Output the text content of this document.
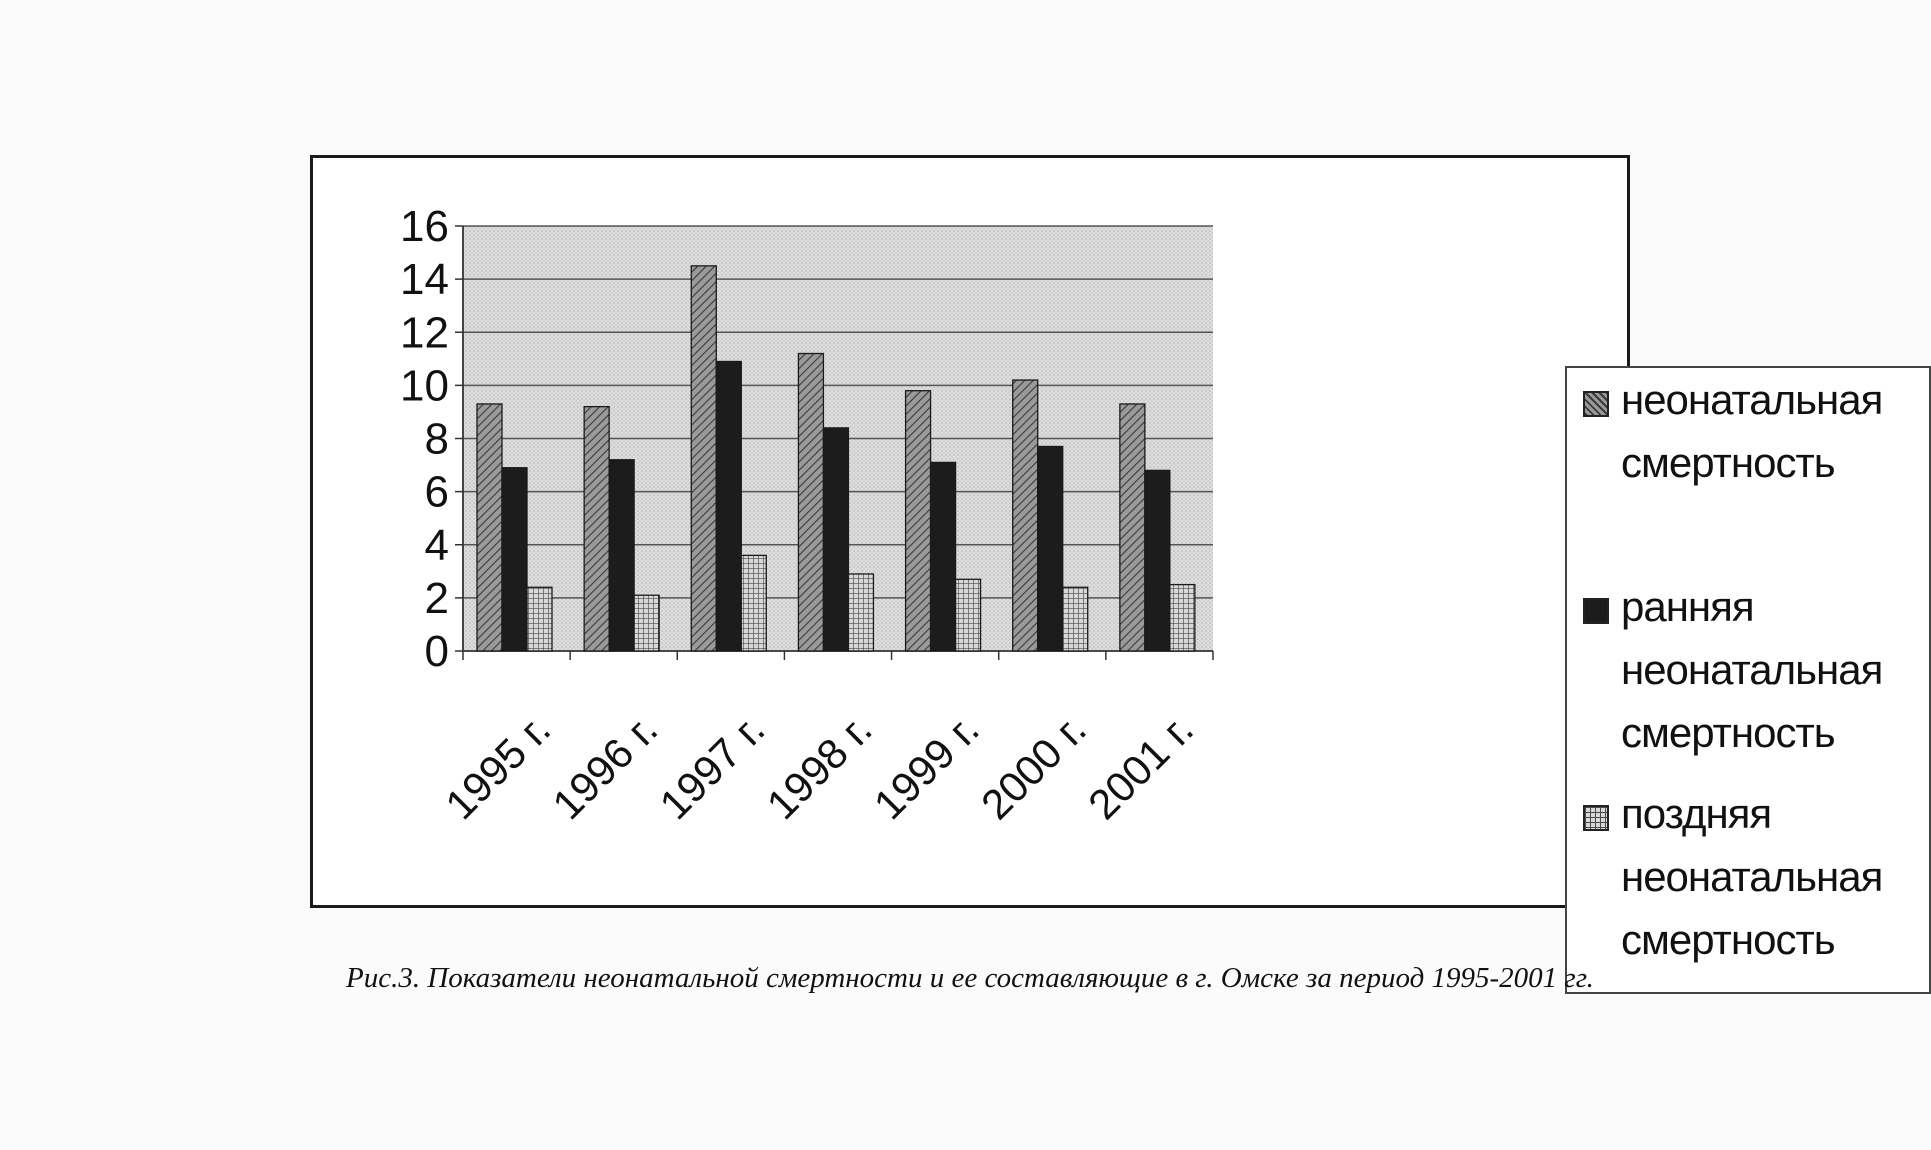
0
2
4
6
8
10
12
14
16
1995 г.
1996 г.
1997 г.
1998 г.
1999 г.
2000 г.
2001 г.
неонатальная смертность
ранняя неонатальная смертность
поздняя неонатальная смертность
Рис.3. Показатели неонатальной смертности и ее составляющие в г. Омске за период 1995-2001 гг.
